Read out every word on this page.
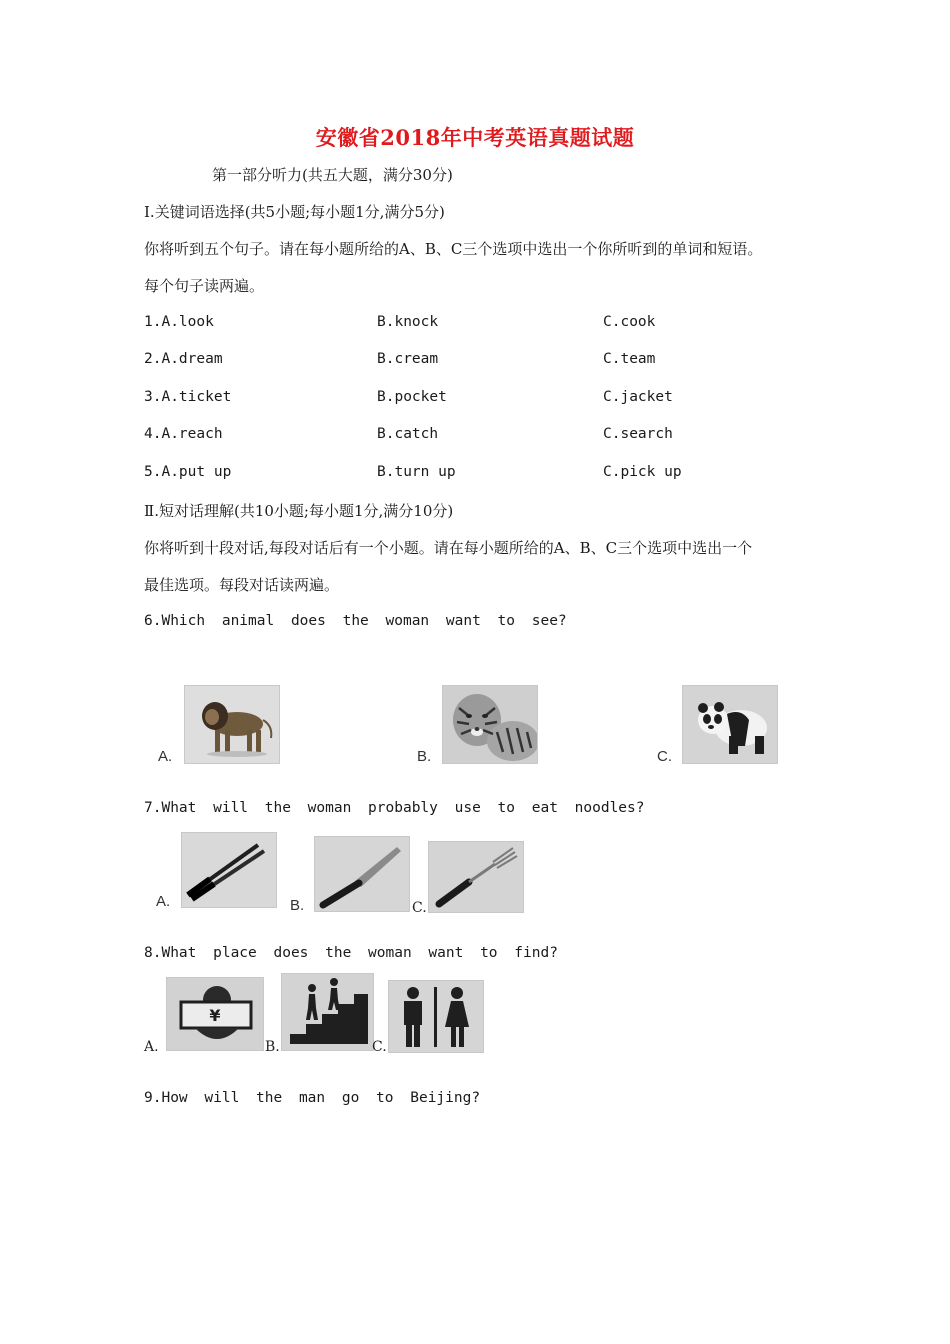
安徽省2018年中考英语真题试题
第一部分听力(共五大题，满分30分)
I.关键词语选择(共5小题;每小题1分,满分5分)
你将听到五个句子。请在每小题所给的A、B、C三个选项中选出一个你所听到的单词和短语。
每个句子读两遍。
1.A.look	B.knock	C.cook
2.A.dream	B.cream	C.team
3.A.ticket	B.pocket	C.jacket
4.A.reach	B.catch	C.search
5.A.put up	B.turn up	C.pick up
Ⅱ.短对话理解(共10小题;每小题1分,满分10分)
你将听到十段对话,每段对话后有一个小题。请在每小题所给的A、B、C三个选项中选出一个
最佳选项。每段对话读两遍。
6.Which animal does the woman want to see?
A.	B.	C.
7.What will the woman probably use to eat noodles?
A.	B.	C.
8.What place does the woman want to find?
A.
¥
B.	C.
9.How will the man go to Beijing?
